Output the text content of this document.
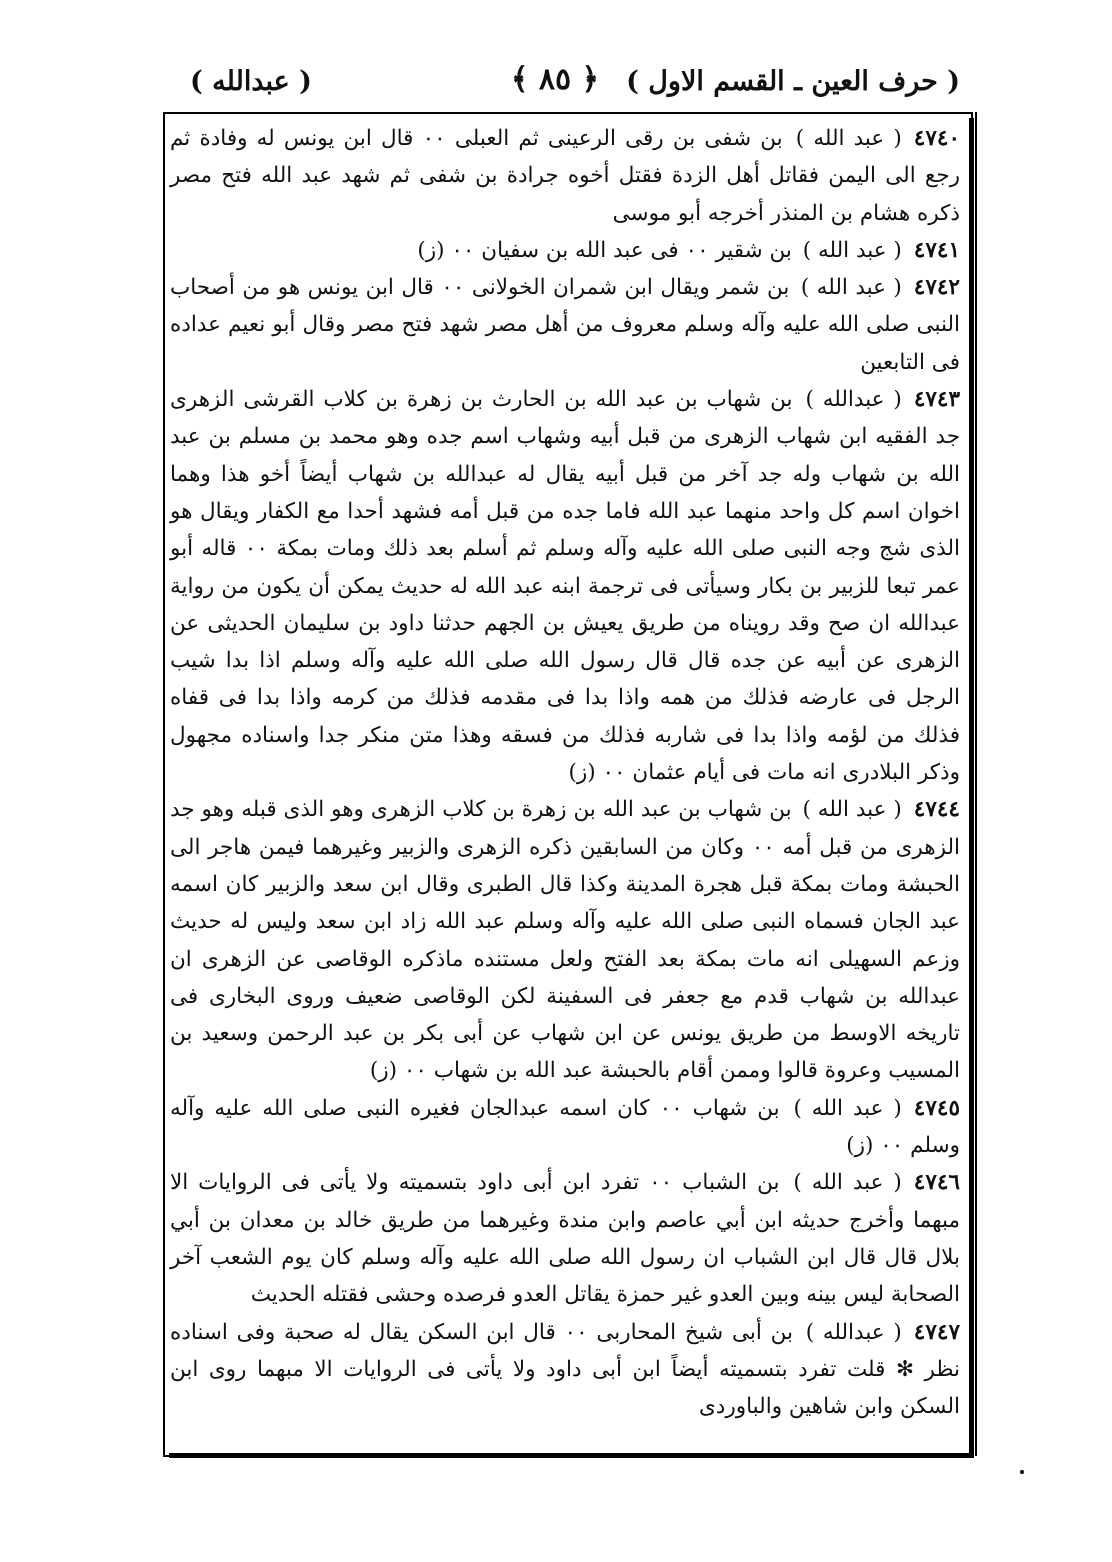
( حرف العين ـ القسم الاول )
﴿ ٨٥ ﴾
( عبدالله )

٤٧٤٠( عبد الله ) بن شفى بن رقى الرعينى ثم العبلى ٠٠ قال ابن يونس له وفادة ثم رجع الى اليمن فقاتل أهل الزدة فقتل أخوه جرادة بن شفى ثم شهد عبد الله فتح مصر ذكره هشام بن المنذر أخرجه أبو موسى

٤٧٤١( عبد الله ) بن شقير ٠٠ فى عبد الله بن سفيان ٠٠ (ز)

٤٧٤٢( عبد الله ) بن شمر ويقال ابن شمران الخولانى ٠٠ قال ابن يونس هو من أصحاب النبى صلى الله عليه وآله وسلم معروف من أهل مصر شهد فتح مصر وقال أبو نعيم عداده فى التابعين

٤٧٤٣( عبدالله ) بن شهاب بن عبد الله بن الحارث بن زهرة بن كلاب القرشى الزهرى جد الفقيه ابن شهاب الزهرى من قبل أبيه وشهاب اسم جده وهو محمد بن مسلم بن عبد الله بن شهاب وله جد آخر من قبل أبيه يقال له عبدالله بن شهاب أيضاً أخو هذا وهما اخوان اسم كل واحد منهما عبد الله فاما جده من قبل أمه فشهد أحدا مع الكفار ويقال هو الذى شج وجه النبى صلى الله عليه وآله وسلم ثم أسلم بعد ذلك ومات بمكة ٠٠ قاله أبو عمر تبعا للزبير بن بكار وسيأتى فى ترجمة ابنه عبد الله له حديث يمكن أن يكون من رواية عبدالله ان صح وقد رويناه من طريق يعيش بن الجهم حدثنا داود بن سليمان الحديثى عن الزهرى عن أبيه عن جده قال قال رسول الله صلى الله عليه وآله وسلم اذا بدا شيب الرجل فى عارضه فذلك من همه واذا بدا فى مقدمه فذلك من كرمه واذا بدا فى قفاه فذلك من لؤمه واذا بدا فى شاربه فذلك من فسقه وهذا متن منكر جدا واسناده مجهول وذكر البلادرى انه مات فى أيام عثمان ٠٠ (ز)

٤٧٤٤( عبد الله ) بن شهاب بن عبد الله بن زهرة بن كلاب الزهرى وهو الذى قبله وهو جد الزهرى من قبل أمه ٠٠ وكان من السابقين ذكره الزهرى والزبير وغيرهما فيمن هاجر الى الحبشة ومات بمكة قبل هجرة المدينة وكذا قال الطبرى وقال ابن سعد والزبير كان اسمه عبد الجان فسماه النبى صلى الله عليه وآله وسلم عبد الله زاد ابن سعد وليس له حديث وزعم السهيلى انه مات بمكة بعد الفتح ولعل مستنده ماذكره الوقاصى عن الزهرى ان عبدالله بن شهاب قدم مع جعفر فى السفينة لكن الوقاصى ضعيف وروى البخارى فى تاريخه الاوسط من طريق يونس عن ابن شهاب عن أبى بكر بن عبد الرحمن وسعيد بن المسيب وعروة قالوا وممن أقام بالحبشة عبد الله بن شهاب ٠٠ (ز)

٤٧٤٥( عبد الله ) بن شهاب ٠٠ كان اسمه عبدالجان فغيره النبى صلى الله عليه وآله وسلم ٠٠ (ز)

٤٧٤٦( عبد الله ) بن الشباب ٠٠ تفرد ابن أبى داود بتسميته ولا يأتى فى الروايات الا مبهما وأخرج حديثه ابن أبي عاصم وابن مندة وغيرهما من طريق خالد بن معدان بن أبي بلال قال قال ابن الشباب ان رسول الله صلى الله عليه وآله وسلم كان يوم الشعب آخر الصحابة ليس بينه وبين العدو غير حمزة يقاتل العدو فرصده وحشى فقتله الحديث

٤٧٤٧( عبدالله ) بن أبى شيخ المحاربى ٠٠ قال ابن السكن يقال له صحبة وفى اسناده نظر ✻ قلت تفرد بتسميته أيضاً ابن أبى داود ولا يأتى فى الروايات الا مبهما روى ابن السكن وابن شاهين والباوردى
